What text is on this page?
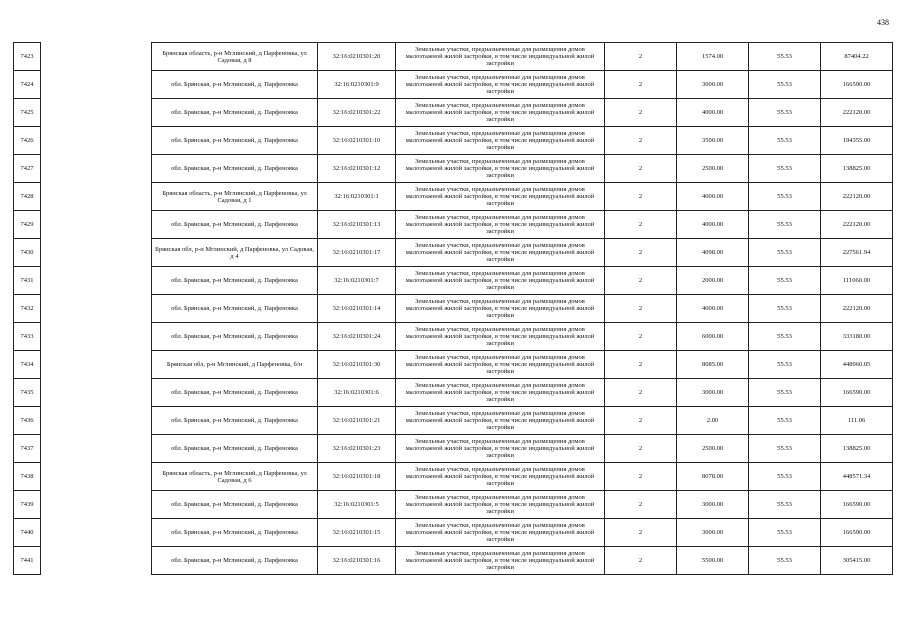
438
7423		Брянская область, р-н Мглинский, д Парфеновка, ул Садовая, д 8	32:16:0210301:20	Земельные участки, предназначенные для размещения домов малоэтажной жилой застройки, в том числе индивидуальной жилой застройки	2	1574.00	55.53	87404.22
7424		обл. Брянская, р-н Мглинский, д. Парфеновка	32:16:0210301:9	Земельные участки, предназначенные для размещения домов малоэтажной жилой застройки, в том числе индивидуальной жилой застройки	2	3000.00	55.53	166590.00
7425		обл. Брянская, р-н Мглинский, д. Парфеновка	32:16:0210301:22	Земельные участки, предназначенные для размещения домов малоэтажной жилой застройки, в том числе индивидуальной жилой застройки	2	4000.00	55.53	222120.00
7426		обл. Брянская, р-н Мглинский, д. Парфеновка	32:16:0210301:10	Земельные участки, предназначенные для размещения домов малоэтажной жилой застройки, в том числе индивидуальной жилой застройки	2	3500.00	55.53	194355.00
7427		обл. Брянская, р-н Мглинский, д. Парфеновка	32:16:0210301:12	Земельные участки, предназначенные для размещения домов малоэтажной жилой застройки, в том числе индивидуальной жилой застройки	2	2500.00	55.53	138825.00
7428		Брянская область, р-н Мглинский, д Парфеновка, ул Садовая, д 1	32:16:0210301:1	Земельные участки, предназначенные для размещения домов малоэтажной жилой застройки, в том числе индивидуальной жилой застройки	2	4000.00	55.53	222120.00
7429		обл. Брянская, р-н Мглинский, д. Парфеновка	32:16:0210301:13	Земельные участки, предназначенные для размещения домов малоэтажной жилой застройки, в том числе индивидуальной жилой застройки	2	4000.00	55.53	222120.00
7430		Брянская обл, р-н Мглинский, д Парфеновка, ул Садовая, д 4	32:16:0210301:17	Земельные участки, предназначенные для размещения домов малоэтажной жилой застройки, в том числе индивидуальной жилой застройки	2	4098.00	55.53	227561.94
7431		обл. Брянская, р-н Мглинский, д. Парфеновка	32:16:0210301:7	Земельные участки, предназначенные для размещения домов малоэтажной жилой застройки, в том числе индивидуальной жилой застройки	2	2000.00	55.53	111060.00
7432		обл. Брянская, р-н Мглинский, д. Парфеновка	32:16:0210301:14	Земельные участки, предназначенные для размещения домов малоэтажной жилой застройки, в том числе индивидуальной жилой застройки	2	4000.00	55.53	222120.00
7433		обл. Брянская, р-н Мглинский, д. Парфеновка	32:16:0210301:24	Земельные участки, предназначенные для размещения домов малоэтажной жилой застройки, в том числе индивидуальной жилой застройки	2	6000.00	55.53	333180.00
7434		Брянская обл, р-н Мглинский, д Парфеновка, б/н	32:16:0210301:30	Земельные участки, предназначенные для размещения домов малоэтажной жилой застройки, в том числе индивидуальной жилой застройки	2	8085.00	55.53	448960.05
7435		обл. Брянская, р-н Мглинский, д. Парфеновка	32:16:0210301:6	Земельные участки, предназначенные для размещения домов малоэтажной жилой застройки, в том числе индивидуальной жилой застройки	2	3000.00	55.53	166590.00
7436		обл. Брянская, р-н Мглинский, д. Парфеновка	32:16:0210301:21	Земельные участки, предназначенные для размещения домов малоэтажной жилой застройки, в том числе индивидуальной жилой застройки	2	2.00	55.53	111.06
7437		обл. Брянская, р-н Мглинский, д. Парфеновка	32:16:0210301:23	Земельные участки, предназначенные для размещения домов малоэтажной жилой застройки, в том числе индивидуальной жилой застройки	2	2500.00	55.53	138825.00
7438		Брянская область, р-н Мглинский, д Парфеновка, ул Садовая, д 6	32:16:0210301:18	Земельные участки, предназначенные для размещения домов малоэтажной жилой застройки, в том числе индивидуальной жилой застройки	2	8078.00	55.53	448571.34
7439		обл. Брянская, р-н Мглинский, д. Парфеновка	32:16:0210301:5	Земельные участки, предназначенные для размещения домов малоэтажной жилой застройки, в том числе индивидуальной жилой застройки	2	3000.00	55.53	166590.00
7440		обл. Брянская, р-н Мглинский, д. Парфеновка	32:16:0210301:15	Земельные участки, предназначенные для размещения домов малоэтажной жилой застройки, в том числе индивидуальной жилой застройки	2	3000.00	55.53	166590.00
7441		обл. Брянская, р-н Мглинский, д. Парфеновка	32:16:0210301:16	Земельные участки, предназначенные для размещения домов малоэтажной жилой застройки, в том числе индивидуальной жилой застройки	2	5500.00	55.53	305415.00
